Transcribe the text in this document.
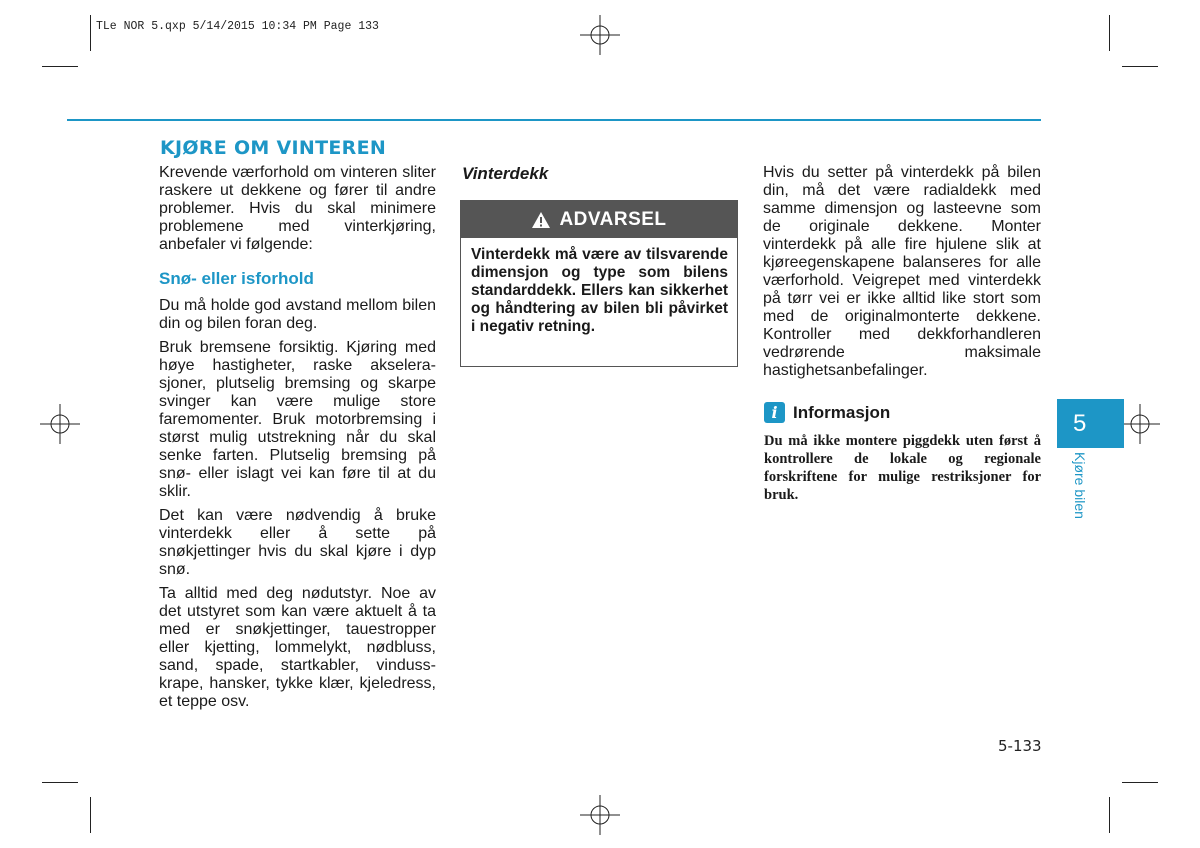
TLe NOR 5.qxp 5/14/2015 10:34 PM Page 133
KJØRE OM VINTEREN

Krevende værforhold om vinteren sliter raskere ut dekkene og fører til andre problemer. Hvis du skal minimere problemene med vinterkjøring, anbefaler vi følgende:

Snø- eller isforhold

Du må holde god avstand mellom bilen din og bilen foran deg.

Bruk bremsene forsiktig. Kjøring med høye hastigheter, raske akselerasjoner, plutselig bremsing og skarpe svinger kan være mulige store faremomenter. Bruk motorbremsing i størst mulig utstrekning når du skal senke farten. Plutselig bremsing på snø- eller islagt vei kan føre til at du sklir.

Det kan være nødvendig å bruke vinterdekk eller å sette på snøkjettinger hvis du skal kjøre i dyp snø.

Ta alltid med deg nødutstyr. Noe av det utstyret som kan være aktuelt å ta med er snøkjettinger, tauestropper eller kjetting, lommelykt, nødbluss, sand, spade, startkabler, vindusskrape, hansker, tykke klær, kjeledress, et teppe osv.

Vinterdekk
ADVARSEL
Vinterdekk må være av tilsvarende dimensjon og type som bilens standarddekk. Ellers kan sikkerhet og håndtering av bilen bli påvirket i negativ retning.

Hvis du setter på vinterdekk på bilen din, må det være radialdekk med samme dimensjon og lasteevne som de originale dekkene. Monter vinterdekk på alle fire hjulene slik at kjøreegenskapene balanseres for alle værforhold. Veigrepet med vinterdekk på tørr vei er ikke alltid like stort som med de originalmonterte dekkene. Kontroller med dekkforhandleren vedrørende maksimale hastighetsanbefalinger.

i Informasjon
Du må ikke montere piggdekk uten først å kontrollere de lokale og regionale forskriftene for mulige restriksjoner for bruk.
5
Kjøre bilen
5-133
